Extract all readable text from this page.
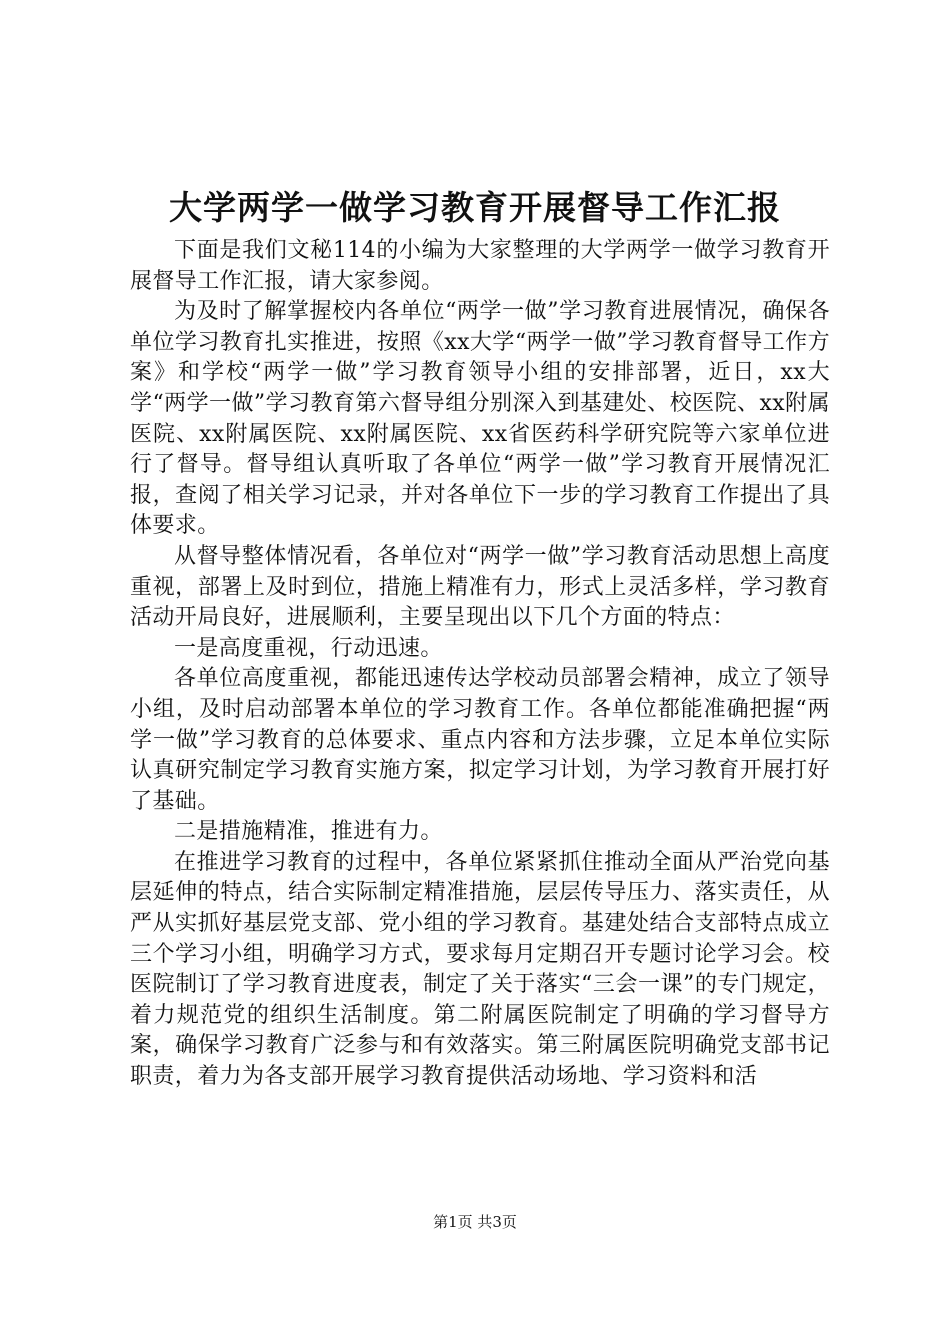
大学两学一做学习教育开展督导工作汇报

下面是我们文秘114的小编为大家整理的大学两学一做学习教育开展督导工作汇报，请大家参阅。

为及时了解掌握校内各单位“两学一做”学习教育进展情况，确保各单位学习教育扎实推进，按照《xx大学“两学一做”学习教育督导工作方案》和学校“两学一做”学习教育领导小组的安排部署，近日，xx大学“两学一做”学习教育第六督导组分别深入到基建处、校医院、xx附属医院、xx附属医院、xx附属医院、xx省医药科学研究院等六家单位进行了督导。督导组认真听取了各单位“两学一做”学习教育开展情况汇报，查阅了相关学习记录，并对各单位下一步的学习教育工作提出了具体要求。

从督导整体情况看，各单位对“两学一做”学习教育活动思想上高度重视，部署上及时到位，措施上精准有力，形式上灵活多样，学习教育活动开局良好，进展顺利，主要呈现出以下几个方面的特点：

一是高度重视，行动迅速。

各单位高度重视，都能迅速传达学校动员部署会精神，成立了领导小组，及时启动部署本单位的学习教育工作。各单位都能准确把握“两学一做”学习教育的总体要求、重点内容和方法步骤，立足本单位实际认真研究制定学习教育实施方案，拟定学习计划，为学习教育开展打好了基础。

二是措施精准，推进有力。

在推进学习教育的过程中，各单位紧紧抓住推动全面从严治党向基层延伸的特点，结合实际制定精准措施，层层传导压力、落实责任，从严从实抓好基层党支部、党小组的学习教育。基建处结合支部特点成立三个学习小组，明确学习方式，要求每月定期召开专题讨论学习会。校医院制订了学习教育进度表，制定了关于落实“三会一课”的专门规定，着力规范党的组织生活制度。第二附属医院制定了明确的学习督导方案，确保学习教育广泛参与和有效落实。第三附属医院明确党支部书记职责，着力为各支部开展学习教育提供活动场地、学习资料和活

第1页 共3页
